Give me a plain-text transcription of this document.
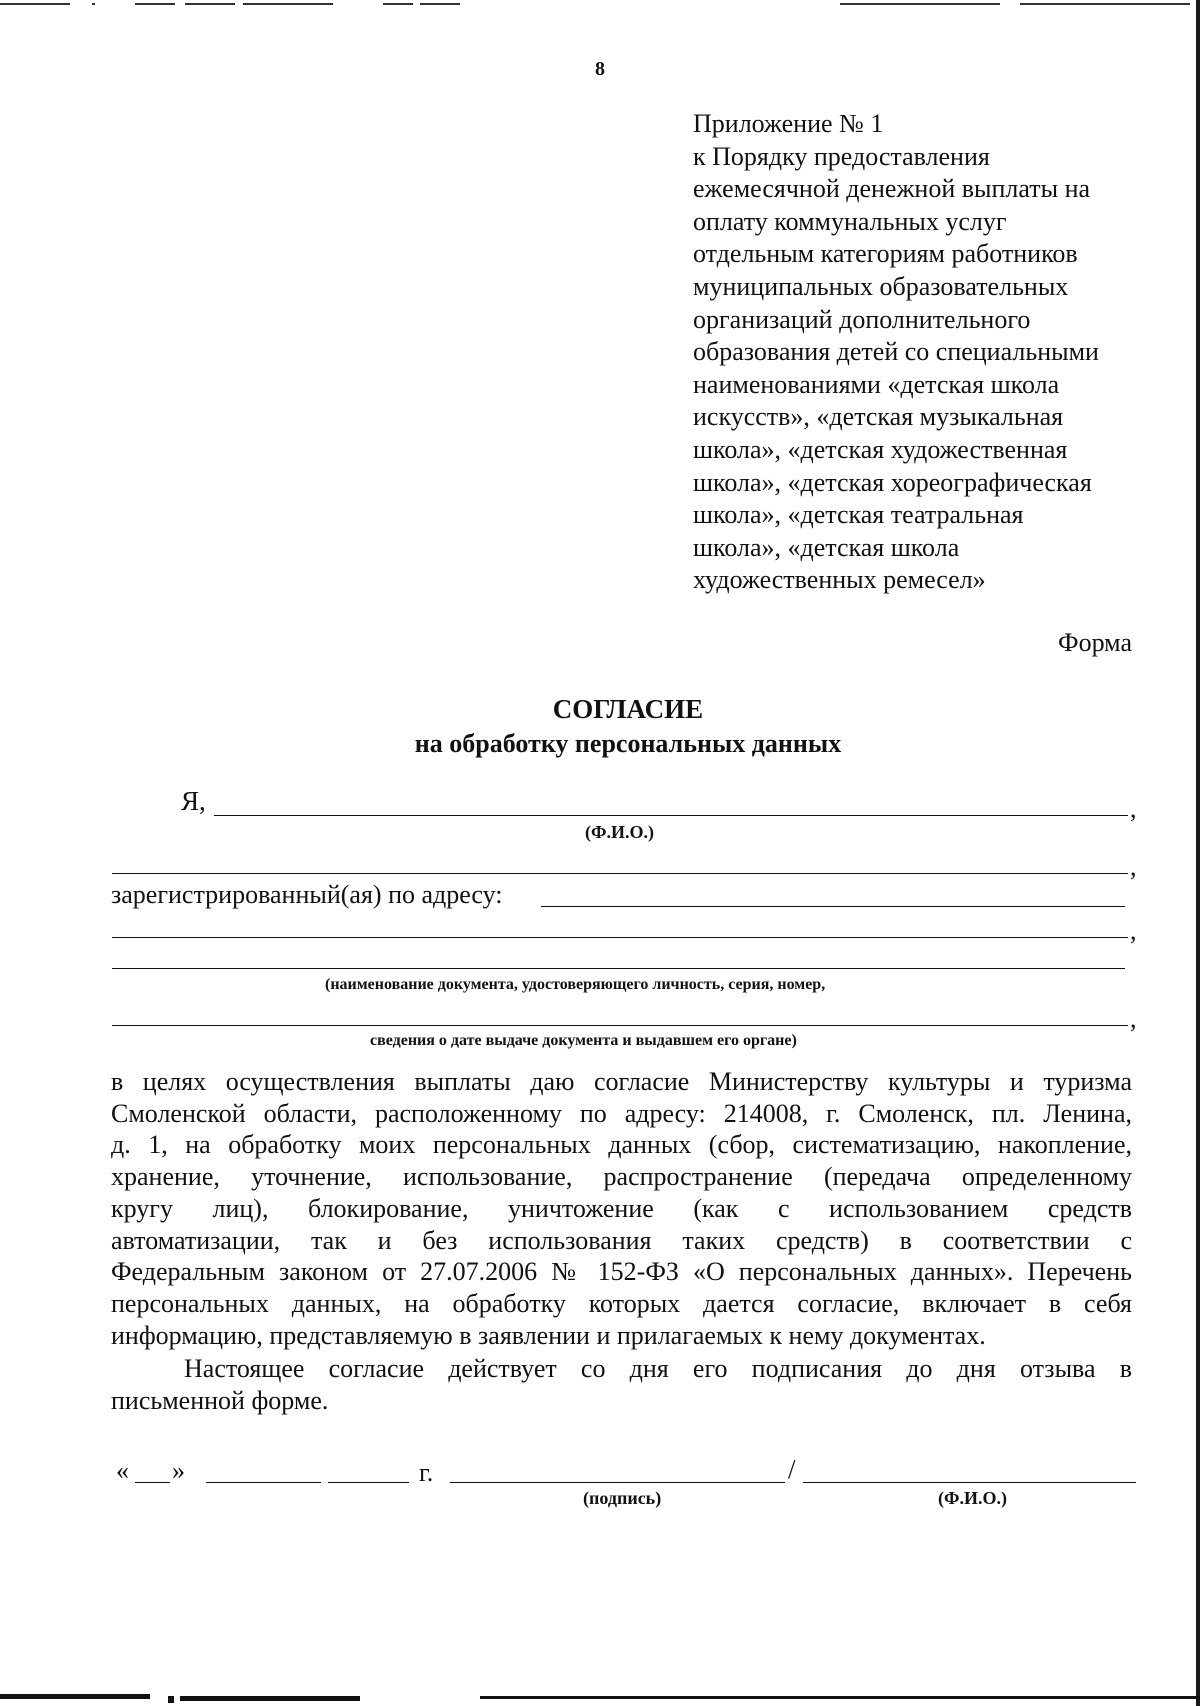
8
Приложение № 1
к Порядку предоставления
ежемесячной денежной выплаты на
оплату коммунальных услуг
отдельным категориям работников
муниципальных образовательных
организаций дополнительного
образования детей со специальными
наименованиями «детская школа
искусств», «детская музыкальная
школа», «детская художественная
школа», «детская хореографическая
школа», «детская театральная
школа», «детская школа
художественных ремесел»
Форма
СОГЛАСИЕ
на обработку персональных данных
Я,	,
(Ф.И.О.)
,
зарегистрированный(ая) по адресу:
,
(наименование документа, удостоверяющего личность, серия, номер,
,
сведения о дате выдаче документа и выдавшем его органе)
в целях осуществления выплаты даю согласие Министерству культуры и туризма
Смоленской области, расположенному по адресу: 214008, г. Смоленск, пл. Ленина,
д. 1, на обработку моих персональных данных (сбор, систематизацию, накопление,
хранение, уточнение, использование, распространение (передача определенному
кругу лиц), блокирование, уничтожение (как с использованием средств
автоматизации, так и без использования таких средств) в соответствии с
Федеральным законом от 27.07.2006 № 152-ФЗ «О персональных данных». Перечень
персональных данных, на обработку которых дается согласие, включает в себя
информацию, представляемую в заявлении и прилагаемых к нему документах.
Настоящее согласие действует со дня его подписания до дня отзыва в
письменной форме.
« »	г.	/
(подпись)	(Ф.И.О.)
